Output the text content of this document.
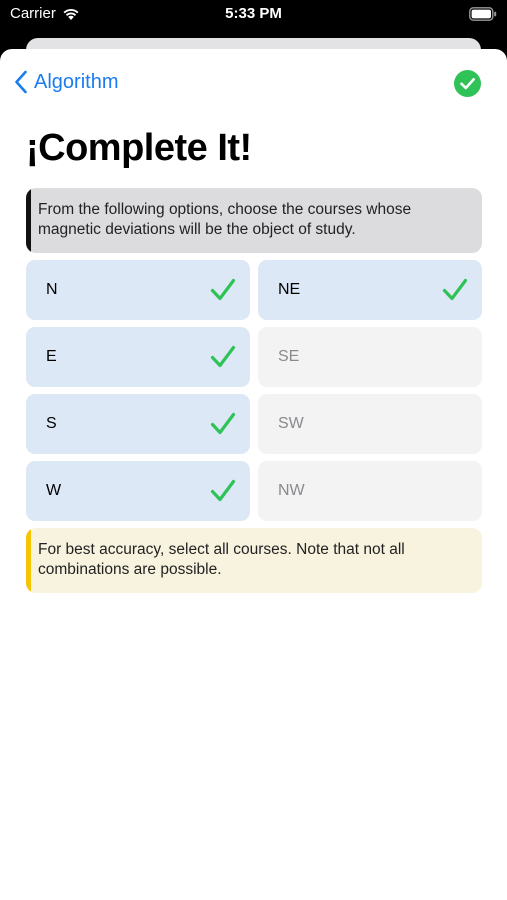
Carrier	5:33 PM
Algorithm
¡Complete It!
From the following options, choose the courses whose magnetic deviations will be the object of study.
N	NE
E	SE
S	SW
W	NW
For best accuracy, select all courses. Note that not all combinations are possible.
